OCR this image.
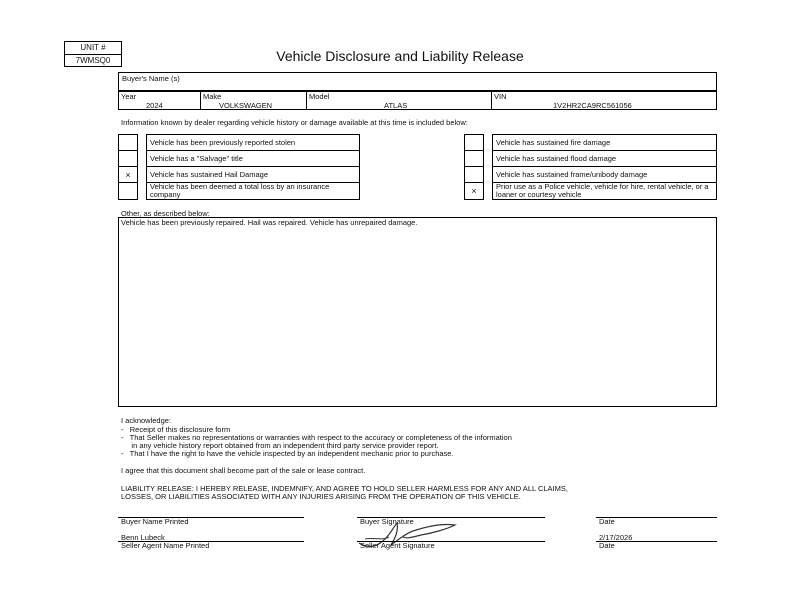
UNIT #
7WMSQ0	Vehicle Disclosure and Liability Release
Buyer's Name (s)
Year
2024
Make
VOLKSWAGEN
Model
ATLAS
VIN
1V2HR2CA9RC561056
Information known by dealer regarding vehicle history or damage available at this time is included below:
Vehicle has been previously reported stolen
Vehicle has a "Salvage" title
×	Vehicle has sustained Hail Damage
Vehicle has been deemed a total loss by an insurance company
Vehicle has sustained fire damage
Vehicle has sustained flood damage
Vehicle has sustained frame/unibody damage
×	Prior use as a Police vehicle, vehicle for hire, rental vehicle, or a loaner or courtesy vehicle
Other, as described below:
Vehicle has been previously repaired. Hail was repaired. Vehicle has unrepaired damage.
I acknowledge:
-   Receipt of this disclosure form
-   That Seller makes no representations or warranties with respect to the accuracy or completeness of the information
in any vehicle history report obtained from an independent third party service provider report.
-   That I have the right to have the vehicle inspected by an independent mechanic prior to purchase.
I agree that this document shall become part of the sale or lease contract.
LIABILITY RELEASE: I HEREBY RELEASE, INDEMNIFY, AND AGREE TO HOLD SELLER HARMLESS FOR ANY AND ALL CLAIMS,
LOSSES, OR LIABILITIES ASSOCIATED WITH ANY INJURIES ARISING FROM THE OPERATION OF THIS VEHICLE.
Buyer Name Printed	Buyer Signature	Date
Benn Lubeck	2/17/2026
Seller Agent Name Printed	Seller Agent Signature	Date
